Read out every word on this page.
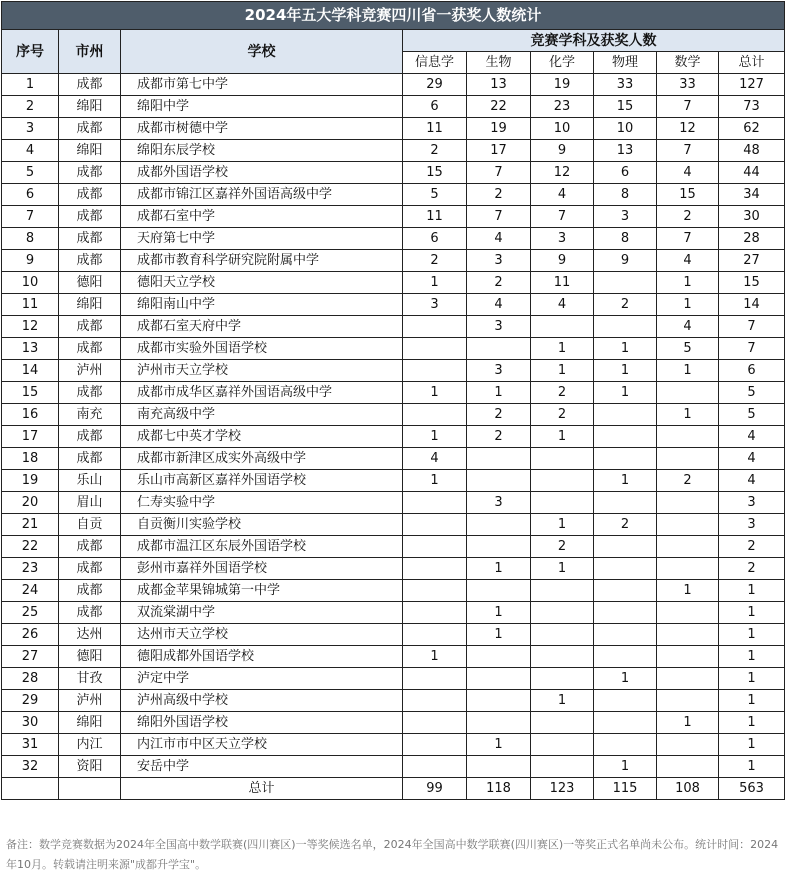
2024年五大学科竞赛四川省一获奖人数统计								
序号	市州	学校	竞赛学科及获奖人数					
			信息学	生物	化学	物理	数学	总计
1	成都	成都市第七中学	29	13	19	33	33	127
2	绵阳	绵阳中学	6	22	23	15	7	73
3	成都	成都市树德中学	11	19	10	10	12	62
4	绵阳	绵阳东辰学校	2	17	9	13	7	48
5	成都	成都外国语学校	15	7	12	6	4	44
6	成都	成都市锦江区嘉祥外国语高级中学	5	2	4	8	15	34
7	成都	成都石室中学	11	7	7	3	2	30
8	成都	天府第七中学	6	4	3	8	7	28
9	成都	成都市教育科学研究院附属中学	2	3	9	9	4	27
10	德阳	德阳天立学校	1	2	11		1	15
11	绵阳	绵阳南山中学	3	4	4	2	1	14
12	成都	成都石室天府中学		3			4	7
13	成都	成都市实验外国语学校			1	1	5	7
14	泸州	泸州市天立学校		3	1	1	1	6
15	成都	成都市成华区嘉祥外国语高级中学	1	1	2	1		5
16	南充	南充高级中学		2	2		1	5
17	成都	成都七中英才学校	1	2	1			4
18	成都	成都市新津区成实外高级中学	4					4
19	乐山	乐山市高新区嘉祥外国语学校	1			1	2	4
20	眉山	仁寿实验中学		3				3
21	自贡	自贡衡川实验学校			1	2		3
22	成都	成都市温江区东辰外国语学校			2			2
23	成都	彭州市嘉祥外国语学校		1	1			2
24	成都	成都金苹果锦城第一中学					1	1
25	成都	双流棠湖中学		1				1
26	达州	达州市天立学校		1				1
27	德阳	德阳成都外国语学校	1					1
28	甘孜	泸定中学				1		1
29	泸州	泸州高级中学校			1			1
30	绵阳	绵阳外国语学校					1	1
31	内江	内江市市中区天立学校		1				1
32	资阳	安岳中学				1		1
		总计	99	118	123	115	108	563
备注：数学竞赛数据为2024年全国高中数学联赛(四川赛区)一等奖候选名单，2024年全国高中数学联赛(四川赛区)一等奖正式名单尚未公布。统计时间：2024年10月。转载请注明来源"成都升学宝"。
